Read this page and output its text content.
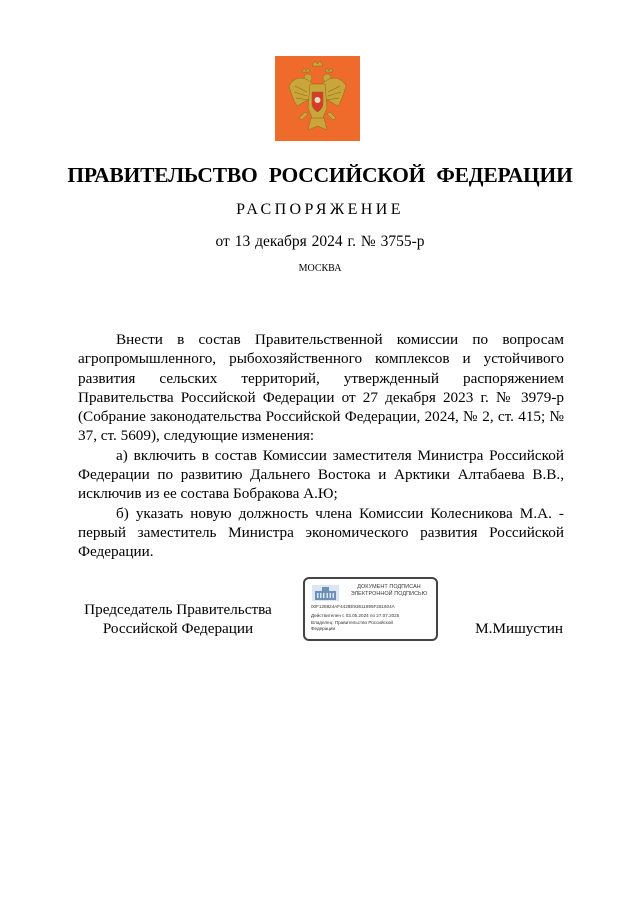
ПРАВИТЕЛЬСТВО РОССИЙСКОЙ ФЕДЕРАЦИИ
РАСПОРЯЖЕНИЕ
от 13 декабря 2024 г. № 3755-р
МОСКВА

Внести в состав Правительственной комиссии по вопросам агропромышленного, рыбохозяйственного комплексов и устойчивого развития сельских территорий, утвержденный распоряжением Правительства Российской Федерации от 27 декабря 2023 г. № 3979-р (Собрание законодательства Российской Федерации, 2024, № 2, ст. 415; № 37, ст. 5609), следующие изменения:

а) включить в состав Комиссии заместителя Министра Российской Федерации по развитию Дальнего Востока и Арктики Алтабаева В.В., исключив из ее состава Бобракова А.Ю;

б) указать новую должность члена Комиссии Колесникова М.А. - первый заместитель Министра экономического развития Российской Федерации.

Председатель Правительства
Российской Федерации
ДОКУМЕНТ ПОДПИСАН
ЭЛЕКТРОННОЙ ПОДПИСЬЮ
00F128824AF4428E93611895F281604A
Действителен с 03.05.2024 по 27.07.2025
Владелец: Правительство Российской
Федерации	М.Мишустин
